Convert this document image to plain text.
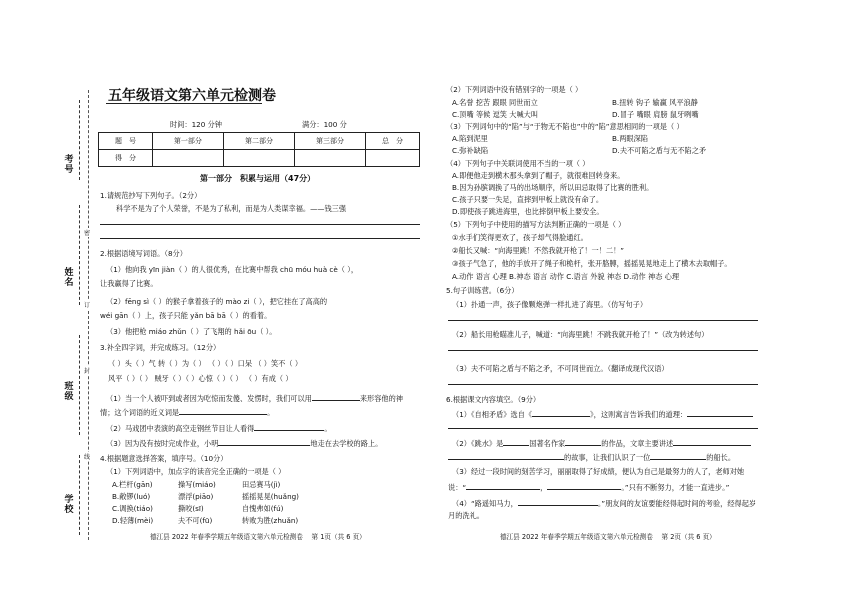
考号
姓名
班级
学校
密
订
封
线
五年级语文第六单元检测卷
时间：120 分钟	满分：100 分
题　号	第一部分	第二部分	第三部分	总　分
得　分				
第一部分　积累与运用（47分）
1.请规范抄写下列句子。（2分）
科学不是为了个人荣誉，不是为了私利，而是为人类谋幸福。——钱三强
2.根据语境写词语。（8分）
（1）他向我 yīn jiàn（ ）的人很优秀，在比赛中帮我 chū móu huà cè（ ），
让我赢得了比赛。
（2）fēng sì（ ）的猴子拿着孩子的 mào zi（ ），把它挂在了高高的
wéi gān（ ）上，孩子只能 yǎn bā bā（ ）的看着。
（3）他把枪 miáo zhǔn（ ）了飞翔的 hǎi ōu（ ）。
3.补全四字词，并完成练习。（12分）
（ ）头（ ）气 转（ ）为（ ） （ ）（ ）口呆 （ ）笑不（ ）
风平（ ）（ ） 贼牙（ ）（ ）心惊（ ）（ ） （ ）有成（ ）
（1）当一个人被吓到或者因为吃惊而发傻、发愣时，我们可以用	来形容他的神
情；这个词语的近义词是	。
（2）马戏团中表演的高空走钢丝节目让人看得	。
（3）因为没有按时完成作业，小明	地走在去学校的路上。
4.根据题意选择答案，填序号。（10分）
（1）下列词语中，加点字的读音完全正确的一项是（ ）
A.栏杆(gān)	操写(miáo)	田忌赛马(jì)
B.敞锣(luó)	漂浮(piāo)	摇摇晃晃(huǎng)
C.调换(tiáo)	撕咬(sī)	自愧弗如(fú)
D.轻薄(mèi)	夫不可(fū)	转败为胜(zhuǎn)
德江县 2022 年春季学期五年级语文第六单元检测卷　 第 1页（共 6 页）
（2）下列词语中没有错别字的一项是（ ）
A.名誉 挖苦 跟眼 同世而立	B.扭转 钩子 输赢 风平浪静
C.顶嘴 等候 逗笑 大喊大叫	D.冒子 嘴眼 肩膀 鼠牙咧嘴
（3）下列词句中的“陷”与“于物无不陷也”中的“陷”意思相同的一项是（ ）
A.陷到泥里	B.两眼深陷
C.弥补缺陷	D.夫不可陷之盾与无不陷之矛
（4）下列句子中关联词使用不当的一项（ ）
A.即便他走到横木那头拿到了帽子，就很难回转身来。
B.因为孙膑调换了马的出场顺序，所以田忌取得了比赛的胜利。
C.孩子只要一失足，直摔到甲板上就没有命了。
D.即使孩子跳进海里，也比摔倒甲板上要安全。
（5）下列句子中使用的描写方法判断正确的一项是（ ）
①水手们笑得更欢了，孩子却气得脸通红。
②船长又喊：“向海里跳！不然我就开枪了！一！二！”
③孩子气急了，他的手放开了绳子和桅杆，张开胳膊，摇摇晃晃地走上了横木去取帽子。
A.动作 语言 心理 B.神态 语言 动作 C.语言 外貌 神态 D.动作 神态 心理
5.句子训练营。（6分）
（1）扑通一声，孩子像颗炮弹一样扎进了海里。（仿写句子）
（2）船长用枪瞄准儿子，喊道：“向海里跳！不跳我就开枪了！”（改为转述句）
（3）夫不可陷之盾与不陷之矛，不可同世而立。（翻译成现代汉语）
6.根据课文内容填空。（9分）
（1）《自相矛盾》选自《	》，这则寓言告诉我们的道理：
（2）《跳水》是	国著名作家	的作品，文章主要讲述
的故事，让我们认识了一位	的船长。
（3）经过一段时间的刻苦学习，丽丽取得了好成绩，便认为自己是最努力的人了，老师对她
说：“	，	。”只有不断努力，才能一直进步。”
（4）“路遥知马力，	。”朋友间的友谊要能经得起时间的考验，经得起岁
月的洗礼。
德江县 2022 年春季学期五年级语文第六单元检测卷　 第 2页（共 6 页）
